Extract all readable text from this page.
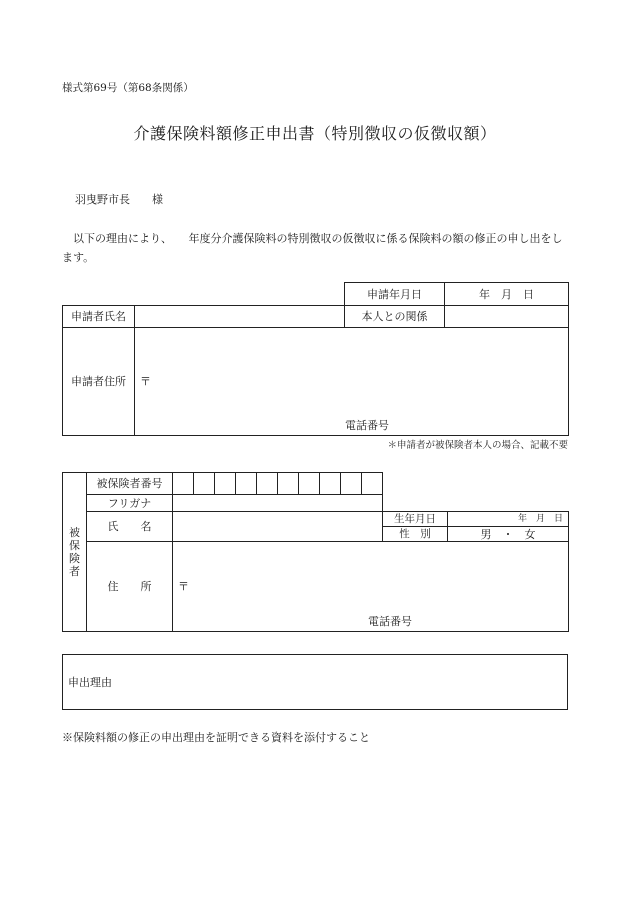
様式第69号（第68条関係）
介護保険料額修正申出書（特別徴収の仮徴収額）
羽曳野市長　　様
　以下の理由により、　　年度分介護保険料の特別徴収の仮徴収に係る保険料の額の修正の申し出をします。
		申請年月日	年　月　日
申請者氏名		本人との関係	
申請者住所	〒
電話番号		
＊申請者が被保険者本人の場合、記載不要
被
保
険
者	被保険者番号												
	フリガナ												
	氏　　名											生年月日	年　月　日
												性　別	男　・　女
	住　　所	〒
電話番号											
申出理由
※保険料額の修正の申出理由を証明できる資料を添付すること
